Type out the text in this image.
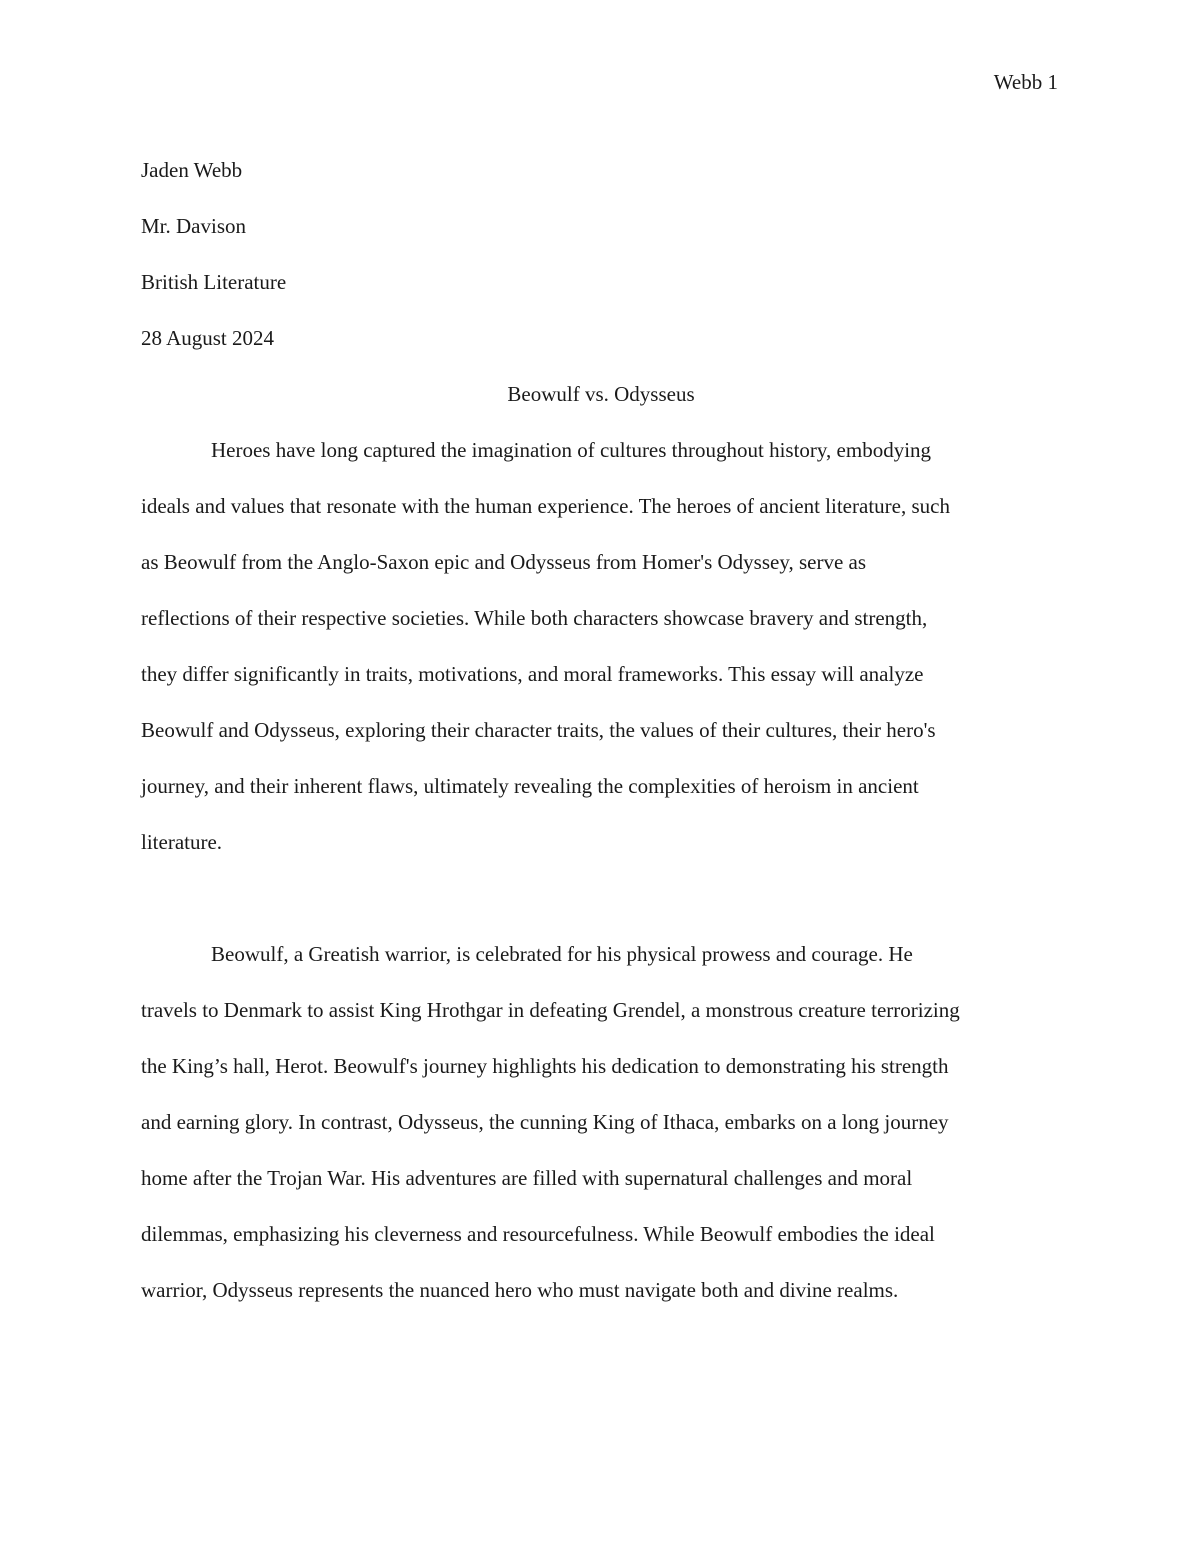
Webb 1
Jaden Webb
Mr. Davison
British Literature
28 August 2024
Beowulf vs. Odysseus
Heroes have long captured the imagination of cultures throughout history, embodying
ideals and values that resonate with the human experience. The heroes of ancient literature, such
as Beowulf from the Anglo-Saxon epic and Odysseus from Homer's Odyssey, serve as
reflections of their respective societies. While both characters showcase bravery and strength,
they differ significantly in traits, motivations, and moral frameworks. This essay will analyze
Beowulf and Odysseus, exploring their character traits, the values of their cultures, their hero's
journey, and their inherent flaws, ultimately revealing the complexities of heroism in ancient
literature.
Beowulf, a Greatish warrior, is celebrated for his physical prowess and courage. He
travels to Denmark to assist King Hrothgar in defeating Grendel, a monstrous creature terrorizing
the King’s hall, Herot. Beowulf's journey highlights his dedication to demonstrating his strength
and earning glory. In contrast, Odysseus, the cunning King of Ithaca, embarks on a long journey
home after the Trojan War. His adventures are filled with supernatural challenges and moral
dilemmas, emphasizing his cleverness and resourcefulness. While Beowulf embodies the ideal
warrior, Odysseus represents the nuanced hero who must navigate both and divine realms.
